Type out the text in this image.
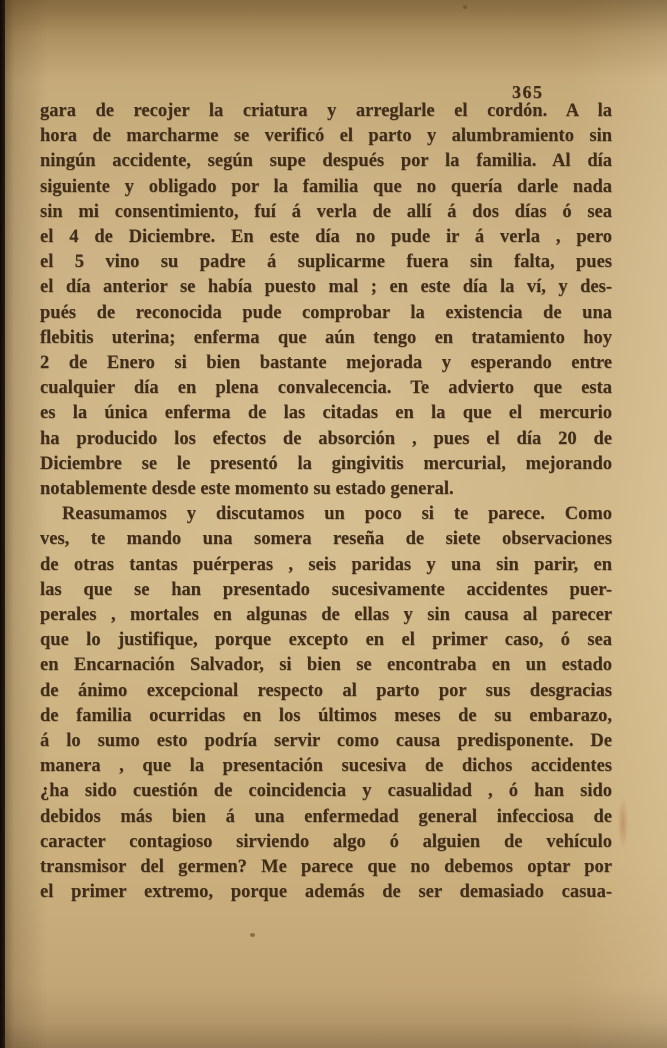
365
gara de recojer la criatura y arreglarle el cordón. A la
hora de marcharme se verificó el parto y alumbramiento sin
ningún accidente, según supe después por la familia. Al día
siguiente y obligado por la familia que no quería darle nada
sin mi consentimiento, fuí á verla de allí á dos días ó sea
el 4 de Diciembre. En este día no pude ir á verla , pero
el 5 vino su padre á suplicarme fuera sin falta, pues
el día anterior se había puesto mal ; en este día la ví, y des-
pués de reconocida pude comprobar la existencia de una
flebitis uterina; enferma que aún tengo en tratamiento hoy
2 de Enero si bien bastante mejorada y esperando entre
cualquier día en plena convalecencia. Te advierto que esta
es la única enferma de las citadas en la que el mercurio
ha producido los efectos de absorción , pues el día 20 de
Diciembre se le presentó la gingivitis mercurial, mejorando
notablemente desde este momento su estado general.
Reasumamos y discutamos un poco si te parece. Como
ves, te mando una somera reseña de siete observaciones
de otras tantas puérperas , seis paridas y una sin parir, en
las que se han presentado sucesivamente accidentes puer-
perales , mortales en algunas de ellas y sin causa al parecer
que lo justifique, porque excepto en el primer caso, ó sea
en Encarnación Salvador, si bien se encontraba en un estado
de ánimo excepcional respecto al parto por sus desgracias
de familia ocurridas en los últimos meses de su embarazo,
á lo sumo esto podría servir como causa predisponente. De
manera , que la presentación sucesiva de dichos accidentes
¿ha sido cuestión de coincidencia y casualidad , ó han sido
debidos más bien á una enfermedad general infecciosa de
caracter contagioso sirviendo algo ó alguien de vehículo
transmisor del germen? Me parece que no debemos optar por
el primer extremo, porque además de ser demasiado casua-
